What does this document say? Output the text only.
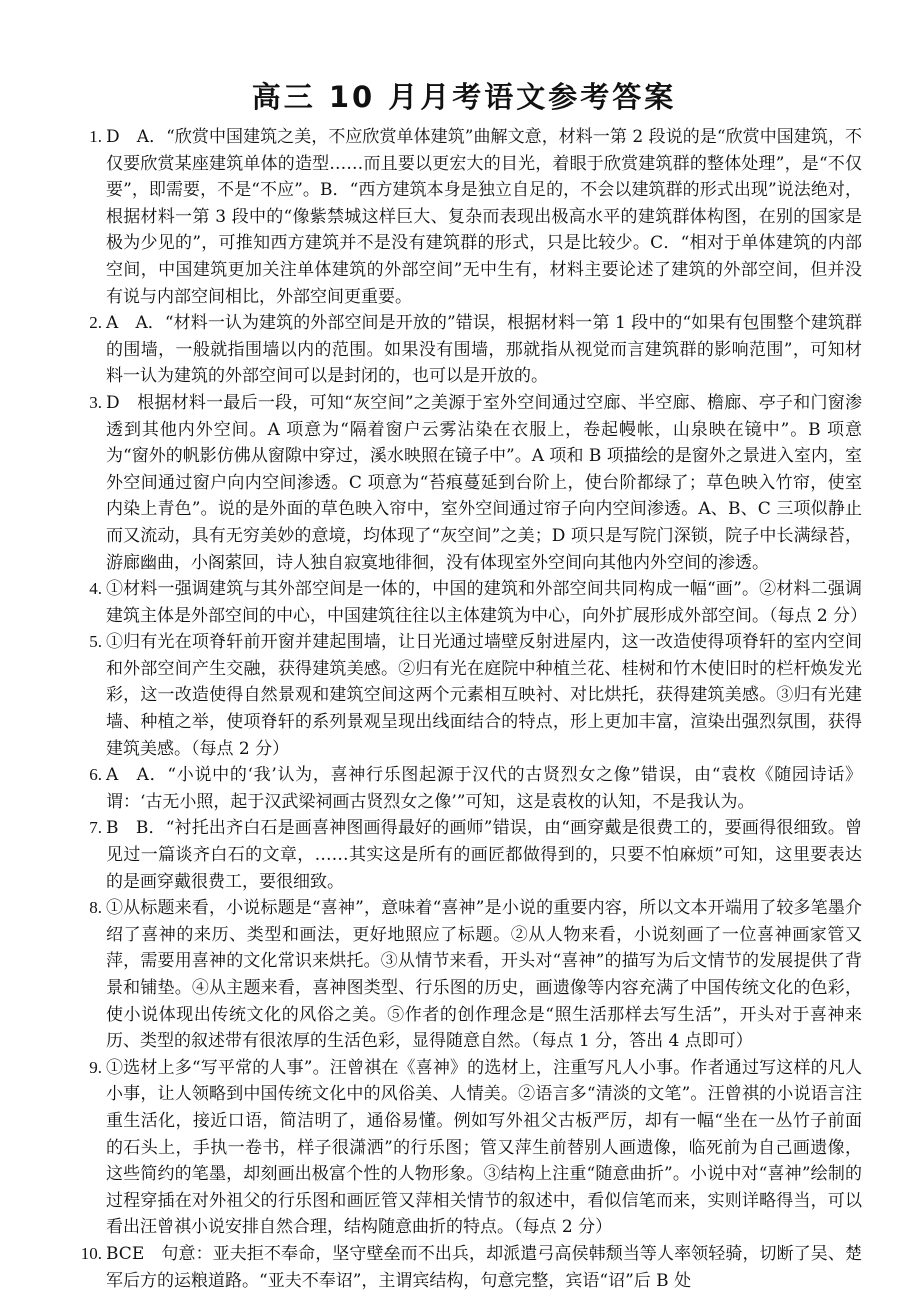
高三 10 月月考语文参考答案
1. D　A．“欣赏中国建筑之美，不应欣赏单体建筑”曲解文意，材料一第 2 段说的是“欣赏中国建筑，不仅要欣赏某座建筑单体的造型……而且要以更宏大的目光，着眼于欣赏建筑群的整体处理”，是“不仅要”，即需要，不是“不应”。B．“西方建筑本身是独立自足的，不会以建筑群的形式出现”说法绝对，根据材料一第 3 段中的“像紫禁城这样巨大、复杂而表现出极高水平的建筑群体构图，在别的国家是极为少见的”，可推知西方建筑并不是没有建筑群的形式，只是比较少。C．“相对于单体建筑的内部空间，中国建筑更加关注单体建筑的外部空间”无中生有，材料主要论述了建筑的外部空间，但并没有说与内部空间相比，外部空间更重要。
2. A　A．“材料一认为建筑的外部空间是开放的”错误，根据材料一第 1 段中的“如果有包围整个建筑群的围墙，一般就指围墙以内的范围。如果没有围墙，那就指从视觉而言建筑群的影响范围”，可知材料一认为建筑的外部空间可以是封闭的，也可以是开放的。
3. D　根据材料一最后一段，可知“灰空间”之美源于室外空间通过空廊、半空廊、檐廊、亭子和门窗渗透到其他内外空间。A 项意为“隔着窗户云雾沾染在衣服上，卷起幔帐，山泉映在镜中”。B 项意为“窗外的帆影仿佛从窗隙中穿过，溪水映照在镜子中”。A 项和 B 项描绘的是窗外之景进入室内，室外空间通过窗户向内空间渗透。C 项意为“苔痕蔓延到台阶上，使台阶都绿了；草色映入竹帘，使室内染上青色”。说的是外面的草色映入帘中，室外空间通过帘子向内空间渗透。A、B、C 三项似静止而又流动，具有无穷美妙的意境，均体现了“灰空间”之美；D 项只是写院门深锁，院子中长满绿苔，游廊幽曲，小阁萦回，诗人独自寂寞地徘徊，没有体现室外空间向其他内外空间的渗透。
4. ①材料一强调建筑与其外部空间是一体的，中国的建筑和外部空间共同构成一幅“画”。②材料二强调建筑主体是外部空间的中心，中国建筑往往以主体建筑为中心，向外扩展形成外部空间。（每点 2 分）
5. ①归有光在项脊轩前开窗并建起围墙，让日光通过墙壁反射进屋内，这一改造使得项脊轩的室内空间和外部空间产生交融，获得建筑美感。②归有光在庭院中种植兰花、桂树和竹木使旧时的栏杆焕发光彩，这一改造使得自然景观和建筑空间这两个元素相互映衬、对比烘托，获得建筑美感。③归有光建墙、种植之举，使项脊轩的系列景观呈现出线面结合的特点，形上更加丰富，渲染出强烈氛围，获得建筑美感。（每点 2 分）
6. A　A．“小说中的‘我’认为，喜神行乐图起源于汉代的古贤烈女之像”错误，由“袁枚《随园诗话》谓：‘古无小照，起于汉武梁祠画古贤烈女之像’”可知，这是袁枚的认知，不是我认为。
7. B　B．“衬托出齐白石是画喜神图画得最好的画师”错误，由“画穿戴是很费工的，要画得很细致。曾见过一篇谈齐白石的文章，……其实这是所有的画匠都做得到的，只要不怕麻烦”可知，这里要表达的是画穿戴很费工，要很细致。
8. ①从标题来看，小说标题是“喜神”，意味着“喜神”是小说的重要内容，所以文本开端用了较多笔墨介绍了喜神的来历、类型和画法，更好地照应了标题。②从人物来看，小说刻画了一位喜神画家管又萍，需要用喜神的文化常识来烘托。③从情节来看，开头对“喜神”的描写为后文情节的发展提供了背景和铺垫。④从主题来看，喜神图类型、行乐图的历史，画遗像等内容充满了中国传统文化的色彩，使小说体现出传统文化的风俗之美。⑤作者的创作理念是“照生活那样去写生活”，开头对于喜神来历、类型的叙述带有很浓厚的生活色彩，显得随意自然。（每点 1 分，答出 4 点即可）
9. ①选材上多“写平常的人事”。汪曾祺在《喜神》的选材上，注重写凡人小事。作者通过写这样的凡人小事，让人领略到中国传统文化中的风俗美、人情美。②语言多“清淡的文笔”。汪曾祺的小说语言注重生活化，接近口语，简洁明了，通俗易懂。例如写外祖父古板严厉，却有一幅“坐在一丛竹子前面的石头上，手执一卷书，样子很潇洒”的行乐图；管又萍生前替别人画遗像，临死前为自己画遗像，这些简约的笔墨，却刻画出极富个性的人物形象。③结构上注重“随意曲折”。小说中对“喜神”绘制的过程穿插在对外祖父的行乐图和画匠管又萍相关情节的叙述中，看似信笔而来，实则详略得当，可以看出汪曾祺小说安排自然合理，结构随意曲折的特点。（每点 2 分）
10. BCE　句意：亚夫拒不奉命，坚守壁垒而不出兵，却派遣弓高侯韩颓当等人率领轻骑，切断了吴、楚军后方的运粮道路。“亚夫不奉诏”，主谓宾结构，句意完整，宾语“诏”后 B 处
